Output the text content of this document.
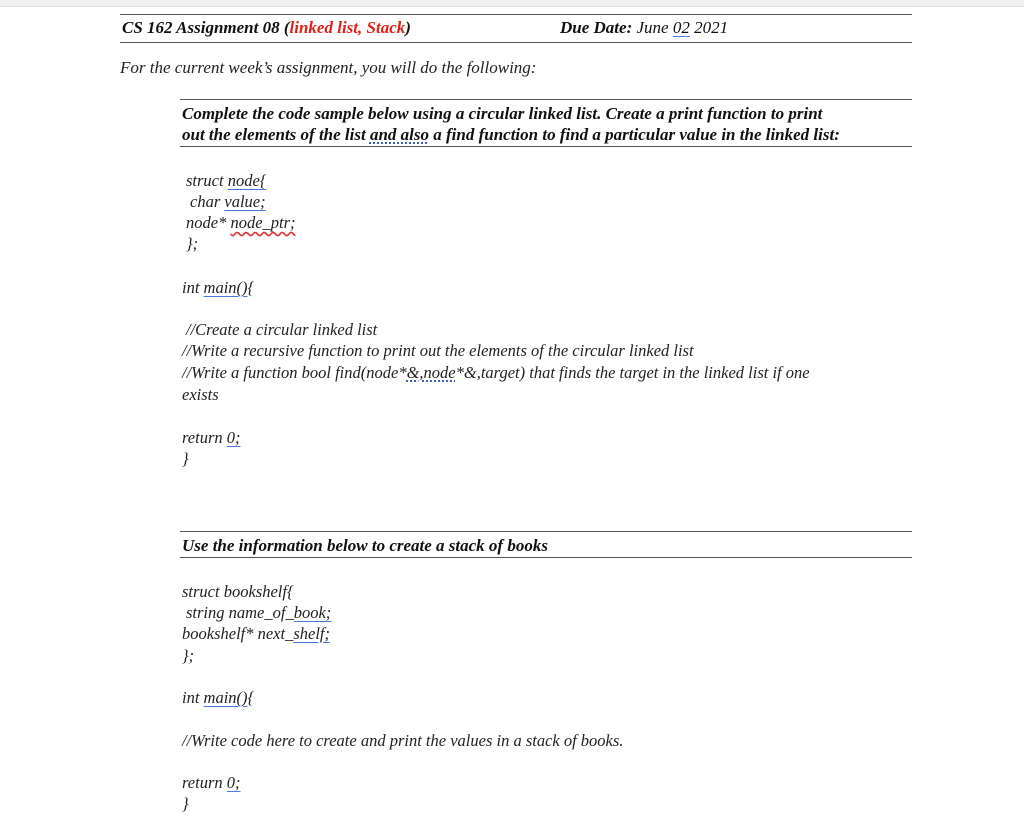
CS 162 Assignment 08 (linked list, Stack)	Due Date: June 02 2021
For the current week’s assignment, you will do the following:
Complete the code sample below using a circular linked list. Create a print function to print
out the elements of the list and also a find function to find a particular value in the linked list:
struct node{
char value;
node* node_ptr;
};
int main(){
//Create a circular linked list
//Write a recursive function to print out the elements of the circular linked list
//Write a function bool find(node*&,node*&,target) that finds the target in the linked list if one
exists
return 0;
}
Use the information below to create a stack of books
struct bookshelf{
string name_of_book;
bookshelf* next_shelf;
};
int main(){
//Write code here to create and print the values in a stack of books.
return 0;
}
